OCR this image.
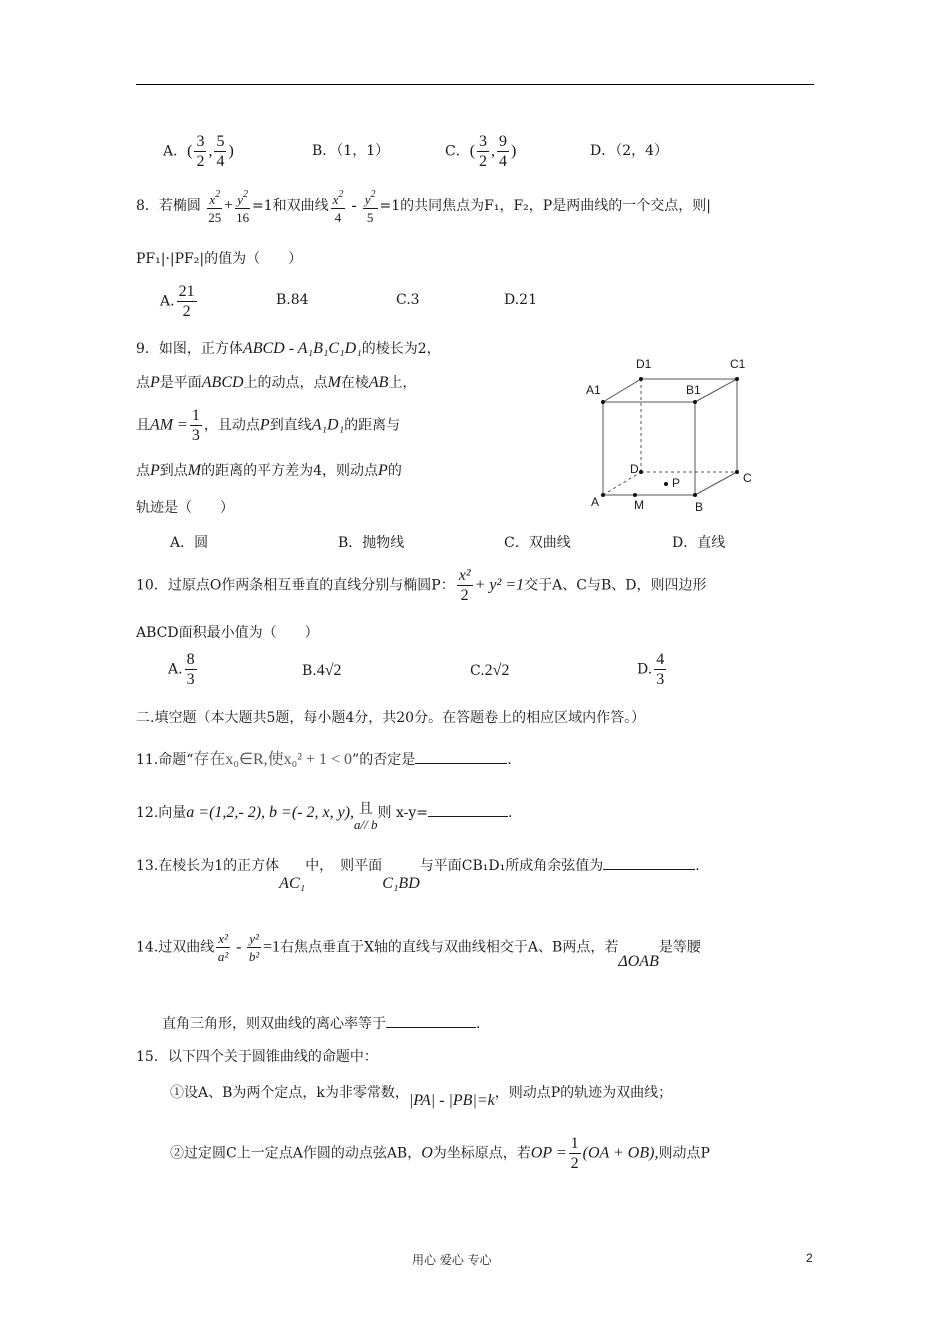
A．( $\frac{3}{2}$ , $\frac{5}{4}$ )	B．（1，1）	C．( $\frac{3}{2}$ , $\frac{9}{4}$ )	D．（2，4）
8．若椭圆 $\frac{x^2}{25} + \frac{y^2}{16} =1$和双曲线 $\frac{x^2}{4} - \frac{y^2}{5} =1$的共同焦点为F₁，F₂，P是两曲线的一个交点，则|
PF₁|·|PF₂|的值为（　　）
A. $\frac{21}{2}$	B.84	C.3	D.21
9．如图，正方体ABCD - A₁B₁C₁D₁的棱长为2，
点P是平面ABCD上的动点，点M在棱AB上，
且AM = $\frac{1}{3}$ ，且动点P到直线A₁D₁的距离与
点P到点M的距离的平方差为4，则动点P的
轨迹是（　　）
A．圆	B．抛物线	C．双曲线	D．直线
D1	C1
A1	B1
D
P	C
A	M	B
10．过原点O作两条相互垂直的直线分别与椭圆P： $\frac{\text{x²}}{2} + y^2 =1$交于A、C与B、D，则四边形
ABCD面积最小值为（　　）
A. $\frac{8}{3}$	B.4√2	C.2√2	D. $\frac{4}{3}$
二.填空题（本大题共5题，每小题4分，共20分。在答题卷上的相应区域内作答。）
11.命题“存在x₀∈R,使x₀² + 1 < 0”的否定是	.
12.向量a =(1,2,- 2), b =(- 2, x, y), 且
a// b
则 x-y=	.
13.在棱长为1的正方体AC₁中，　则平面C₁BD与平面CB₁D₁所成角余弦值为	.
14.过双曲线 $\frac{\text{x²}}{\text{a²}} - \frac{\text{y²}}{\text{b²}} =1$右焦点垂直于X轴的直线与双曲线相交于A、B两点，若ΔOAB是等腰
直角三角形，则双曲线的离心率等于	.
15．以下四个关于圆锥曲线的命题中：
①设A、B为两个定点，k为非零常数，|PA| - |PB|=k，则动点P的轨迹为双曲线；
②过定圆C上一定点A作圆的动点弦AB，O为坐标原点，若OP = $\frac{1}{2} (OA + OB)$,则动点P
用心 爱心 专心	2
